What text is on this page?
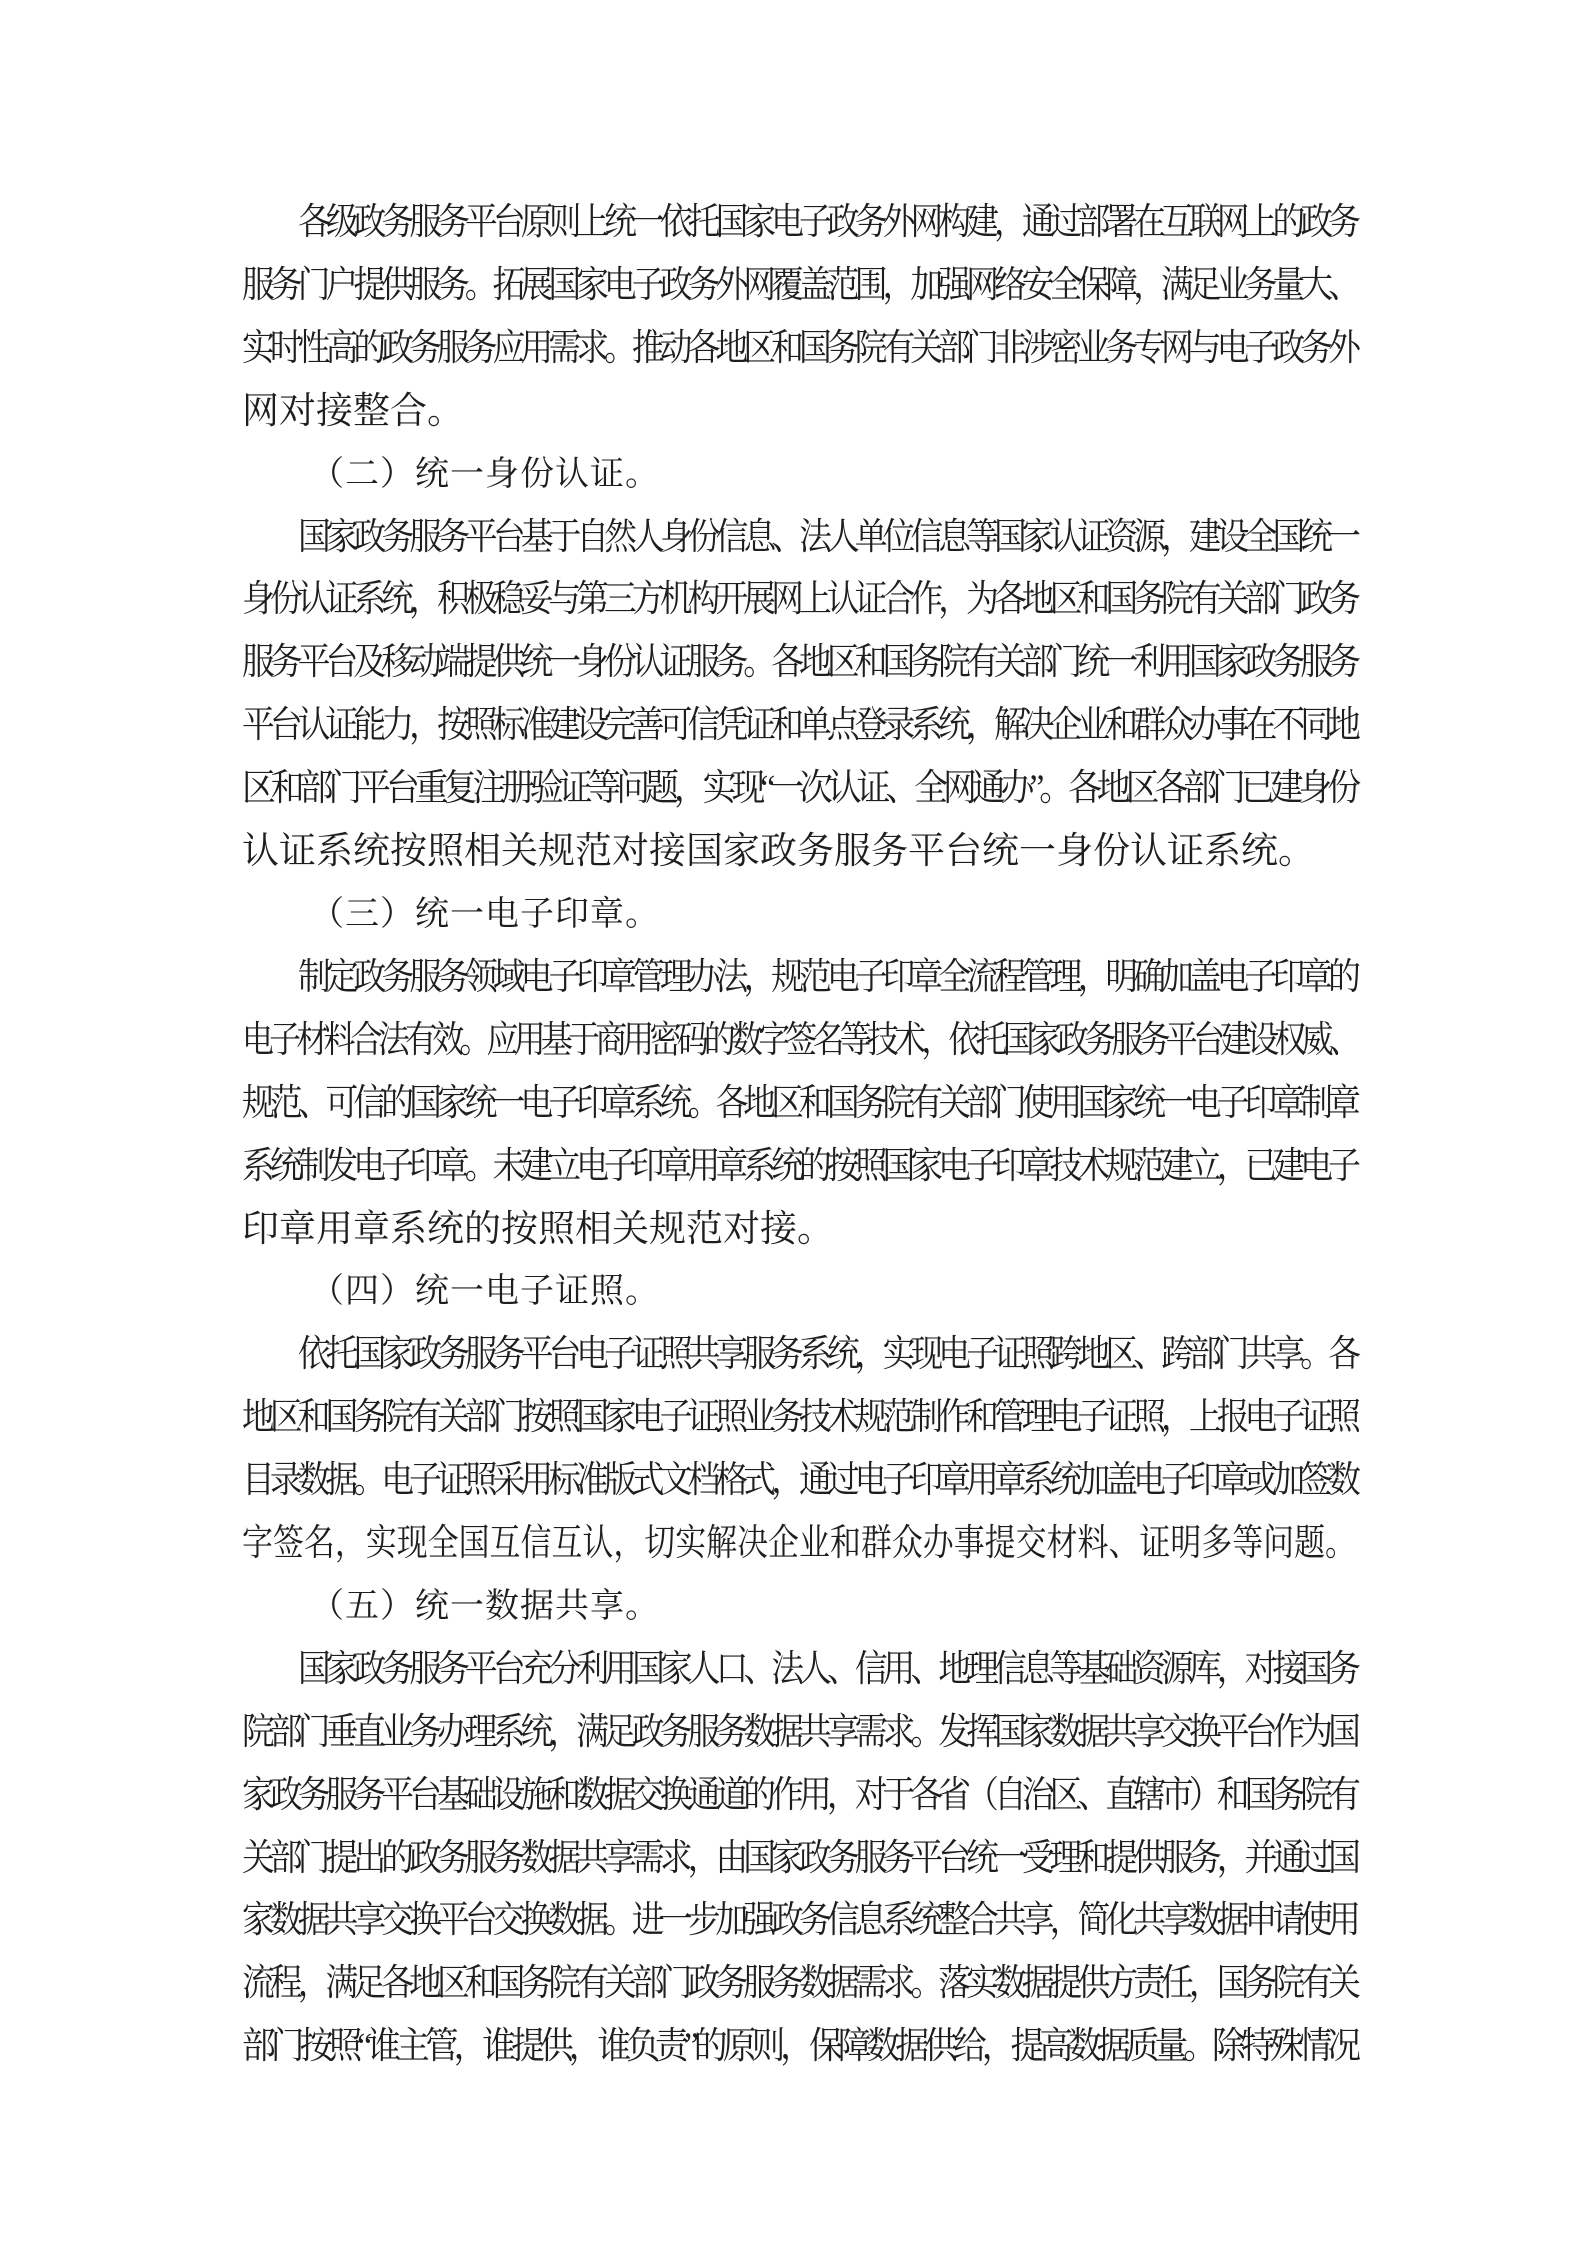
各级政务服务平台原则上统一依托国家电子政务外网构建，通过部署在互联网上的政务
服务门户提供服务。拓展国家电子政务外网覆盖范围，加强网络安全保障，满足业务量大、
实时性高的政务服务应用需求。推动各地区和国务院有关部门非涉密业务专网与电子政务外
网对接整合。
（二）统一身份认证。
国家政务服务平台基于自然人身份信息、法人单位信息等国家认证资源，建设全国统一
身份认证系统，积极稳妥与第三方机构开展网上认证合作，为各地区和国务院有关部门政务
服务平台及移动端提供统一身份认证服务。各地区和国务院有关部门统一利用国家政务服务
平台认证能力，按照标准建设完善可信凭证和单点登录系统，解决企业和群众办事在不同地
区和部门平台重复注册验证等问题，实现“一次认证、全网通办”。各地区各部门已建身份
认证系统按照相关规范对接国家政务服务平台统一身份认证系统。
（三）统一电子印章。
制定政务服务领域电子印章管理办法，规范电子印章全流程管理，明确加盖电子印章的
电子材料合法有效。应用基于商用密码的数字签名等技术，依托国家政务服务平台建设权威、
规范、可信的国家统一电子印章系统。各地区和国务院有关部门使用国家统一电子印章制章
系统制发电子印章。未建立电子印章用章系统的按照国家电子印章技术规范建立，已建电子
印章用章系统的按照相关规范对接。
（四）统一电子证照。
依托国家政务服务平台电子证照共享服务系统，实现电子证照跨地区、跨部门共享。各
地区和国务院有关部门按照国家电子证照业务技术规范制作和管理电子证照，上报电子证照
目录数据。电子证照采用标准版式文档格式，通过电子印章用章系统加盖电子印章或加签数
字签名，实现全国互信互认，切实解决企业和群众办事提交材料、证明多等问题。
（五）统一数据共享。
国家政务服务平台充分利用国家人口、法人、信用、地理信息等基础资源库，对接国务
院部门垂直业务办理系统，满足政务服务数据共享需求。发挥国家数据共享交换平台作为国
家政务服务平台基础设施和数据交换通道的作用，对于各省（自治区、直辖市）和国务院有
关部门提出的政务服务数据共享需求，由国家政务服务平台统一受理和提供服务，并通过国
家数据共享交换平台交换数据。进一步加强政务信息系统整合共享，简化共享数据申请使用
流程，满足各地区和国务院有关部门政务服务数据需求。落实数据提供方责任，国务院有关
部门按照“谁主管，谁提供，谁负责”的原则，保障数据供给，提高数据质量。除特殊情况
